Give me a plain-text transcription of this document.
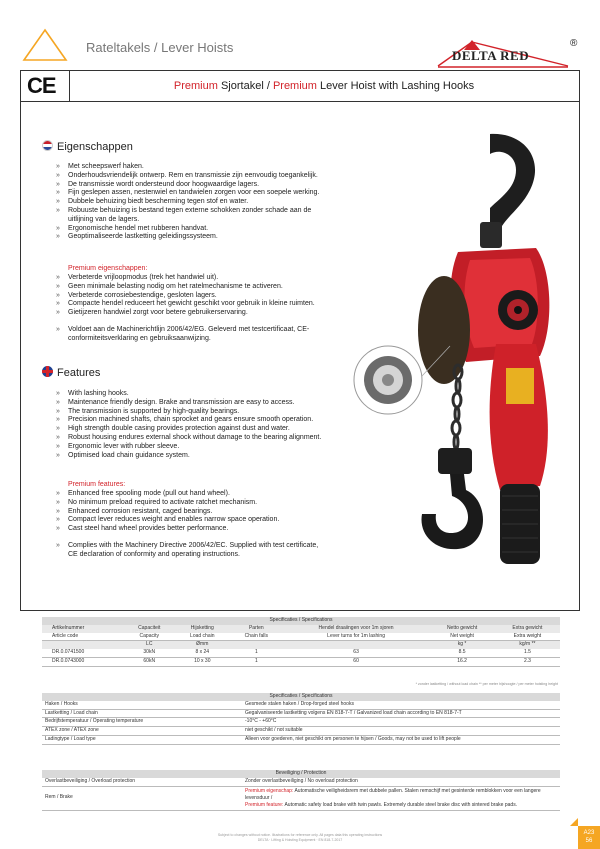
Rateltakels / Lever Hoists
DELTA RED
®
CE	Premium Sjortakel / Premium Lever Hoist with Lashing Hooks
Eigenschappen
» Met scheepswerf haken.
» Onderhoudsvriendelijk ontwerp. Rem en transmissie zijn eenvoudig toegankelijk.
» De transmissie wordt ondersteund door hoogwaardige lagers.
» Fijn geslepen assen, nestenwiel en tandwielen zorgen voor een soepele werking.
» Dubbele behuizing biedt bescherming tegen stof en water.
» Robuuste behuizing is bestand tegen externe schokken zonder schade aan de uitlijning van de lagers.
» Ergonomische hendel met rubberen handvat.
» Geoptimaliseerde lastketting geleidingssysteem.
Premium eigenschappen:
» Verbeterde vrijloopmodus (trek het handwiel uit).
» Geen minimale belasting nodig om het ratelmechanisme te activeren.
» Verbeterde corrosiebestendige, gesloten lagers.
» Compacte hendel reduceert het gewicht geschikt voor gebruik in kleine ruimten.
» Gietijzeren handwiel zorgt voor betere gebruikerservaring.
» Voldoet aan de Machinerichtlijn 2006/42/EG. Geleverd met testcertificaat, CE-conformiteitsverklaring en gebruiksaanwijzing.
Features
» With lashing hooks.
» Maintenance friendly design. Brake and transmission are easy to access.
» The transmission is supported by high-quality bearings.
» Precision machined shafts, chain sprocket and gears ensure smooth operation.
» High strength double casing provides protection against dust and water.
» Robust housing endures external shock without damage to the bearing alignment.
» Ergonomic lever with rubber sleeve.
» Optimised load chain guidance system.
Premium features:
» Enhanced free spooling mode (pull out hand wheel).
» No minimum preload required to activate ratchet mechanism.
» Enhanced corrosion resistant, caged bearings.
» Compact lever reduces weight and enables narrow space operation.
» Cast steel hand wheel provides better performance.
» Complies with the Machinery Directive 2006/42/EC. Supplied with test certificate, CE declaration of conformity and operating instructions.
Specificaties / Specifications						
Artikelnummer	Capaciteit	Hijsketting	Parten	Hendel draaiingen voor 1m sjoren	Netto gewicht	Extra gewicht
Article code	Capacity	Load chain	Chain falls	Lever turns for 1m lashing	Net weight	Extra weight
	LC	Ømm			kg *	kg/m **
DR.0.0741500	30kN	8 x 24	1	63	8.5	1.5
DR.0.0743000	60kN	10 x 30	1	60	16.2	2.3
* zonder lastketting / without load chain ** per meter hijshoogte / per meter hoisting height
Specificaties / Specifications	
Haken / Hooks	Gesmede stalen haken / Drop-forged steel hooks
Lastketting / Load chain	Gegalvaniseerde lastketting volgens EN 818-7-T / Galvanized load chain according to EN 818-7-T
Bedrijfstemperatuur / Operating temperature	-10°C - +60°C
ATEX zone / ATEX zone	niet geschikt / not suitable
Ladingtype / Load type	Alleen voor goederen, niet geschikt om personen te hijsen / Goods, may not be used to lift people
Beveiliging / Protection	
Overlastbeveiliging / Overload protection	Zonder overlastbeveiliging / No overload protection
Rem / Brake	Premium eigenschap: Automatische veiligheidsrem met dubbele pallen. Stalen remschijf met gesinterde remblokken voor een langere levensduur /
Premium feature: Automatic safety load brake with twin pawls. Extremely durable steel brake disc with sintered brake pads.
Subject to changes without notice. Illustrations for reference only. All pages data this operating instructions
DELTA · Lifting & Hoisting Equipment · EN 818-7-2017
A23
56
